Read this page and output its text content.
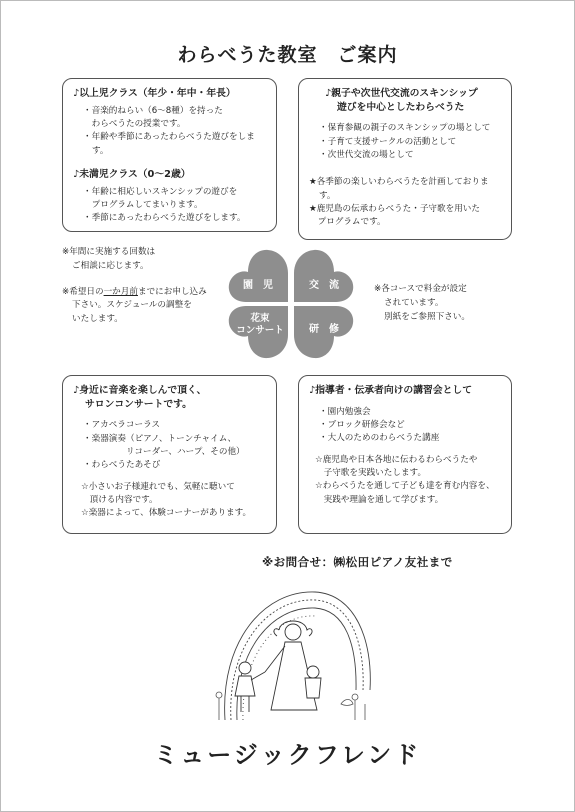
わらべうた教室　ご案内
♪以上児クラス（年少・年中・年長）
・音楽的ねらい（6～8種）を持った
　わらべうたの授業です。
・年齢や季節にあったわらべうた遊びをします。
♪未満児クラス（0～2歳）
・年齢に相応しいスキンシップの遊びを
　プログラムしてまいります。
・季節にあったわらべうた遊びをします。
♪親子や次世代交流のスキンシップ
遊びを中心としたわらべうた
・保育参観の親子のスキンシップの場として
・子育て支援サークルの活動として
・次世代交流の場として
★各季節の楽しいわらべうたを計画しております。
★鹿児島の伝承わらべうた・子守歌を用いた
　プログラムです。
※年間に実施する回数は
ご相談に応じます。
※希望日の一か月前までにお申し込み
下さい。スケジュールの調整を
いたします。
園　児	交　流
花束
コンサート	研　修
※各コースで料金が設定
されています。
別紙をご参照下さい。
♪身近に音楽を楽しんで頂く、
サロンコンサートです。
・アカペラコーラス
・楽器演奏（ピアノ、トーンチャイム、
　　　　　リコーダー、ハープ、その他）
・わらべうたあそび
☆小さいお子様連れでも、気軽に聴いて
　頂ける内容です。
☆楽器によって、体験コーナーがあります。
♪指導者・伝承者向けの講習会として
・園内勉強会
・ブロック研修会など
・大人のためのわらべうた講座
☆鹿児島や日本各地に伝わるわらべうたや
　子守歌を実践いたします。
☆わらべうたを通して子ども達を育む内容を、
　実践や理論を通して学びます。
※お問合せ：㈱松田ピアノ友社まで
ミュージックフレンド
